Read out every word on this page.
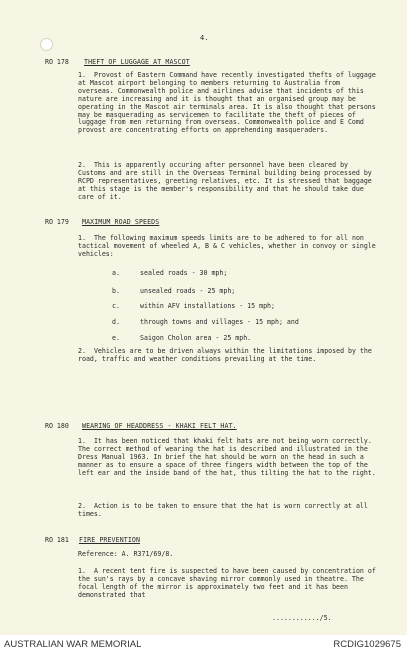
4.
RO 178 THEFT OF LUGGAGE AT MASCOT

1. Provost of Eastern Command have recently investigated thefts of luggage at Mascot airport belonging to members returning to Australia from overseas. Commonwealth police and airlines advise that incidents of this nature are increasing and it is thought that an organised group may be operating in the Mascot air terminals area. It is also thought that persons may be masquerading as servicemen to facilitate the theft of pieces of luggage from men returning from overseas. Commonwealth police and E Comd provost are concentrating efforts on apprehending masqueraders.

2. This is apparently occuring after personnel have been cleared by Customs and are still in the Overseas Terminal building being processed by RCPD representatives, greeting relatives, etc. It is stressed that baggage at this stage is the member's responsibility and that he should take due care of it.

RO 179 MAXIMUM ROAD SPEEDS

1. The following maximum speeds limits are to be adhered to for all non tactical movement of wheeled A, B & C vehicles, whether in convoy or single vehicles:

a.	sealed roads - 30 mph;
b.	unsealed roads - 25 mph;
c.	within AFV installations - 15 mph;
d.	through towns and villages - 15 mph; and
e.	Saigon Cholon area - 25 mph.

2. Vehicles are to be driven always within the limitations imposed by the road, traffic and weather conditions prevailing at the time.

RO 180 WEARING OF HEADDRESS - KHAKI FELT HAT.

1. It has been noticed that khaki felt hats are not being worn correctly. The correct method of wearing the hat is described and illustrated in the Dress Manual 1963. In brief the hat should be worn on the head in such a manner as to ensure a space of three fingers width between the top of the left ear and the inside band of the hat, thus tilting the hat to the right.

2. Action is to be taken to ensure that the hat is worn correctly at all times.

RO 181 FIRE PREVENTION
Reference: A. R371/69/8.

1. A recent tent fire is suspected to have been caused by concentration of the sun's rays by a concave shaving mirror commonly used in theatre. The focal length of the mirror is approximately two feet and it has been demonstrated that

............/5.
AUSTRALIAN WAR MEMORIAL	RCDIG1029675
